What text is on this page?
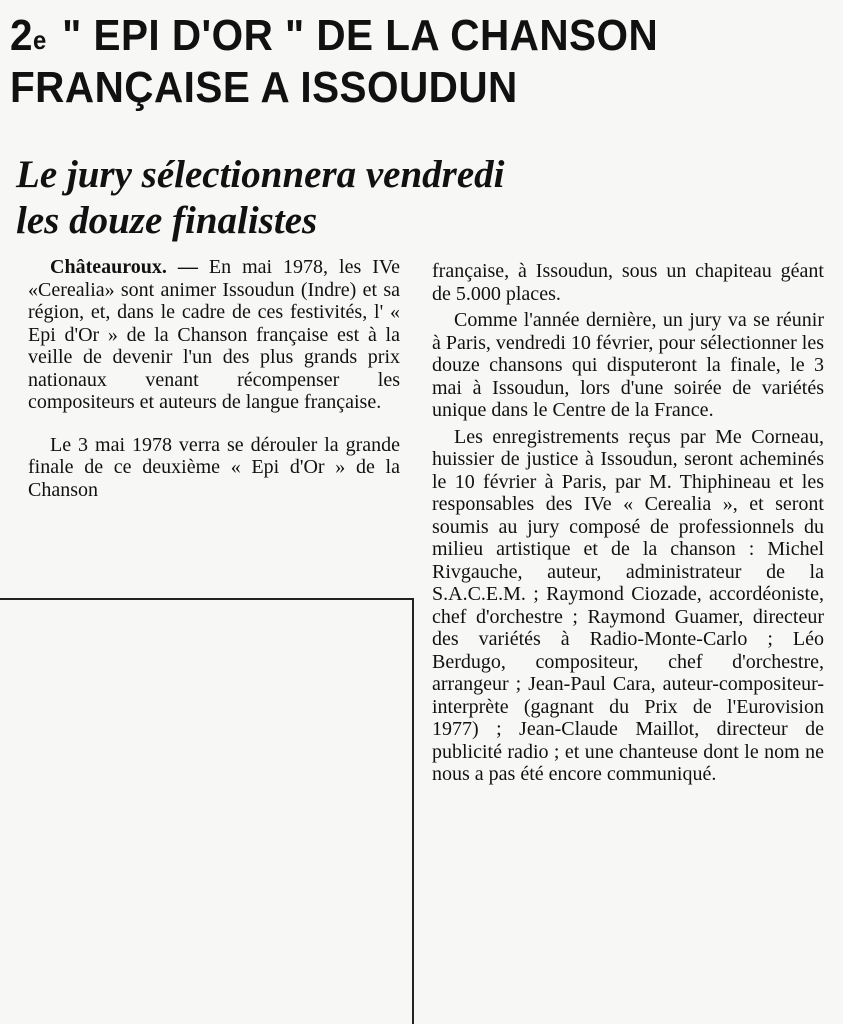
2e " EPI D'OR " DE LA CHANSON
FRANÇAISE A ISSOUDUN
Le jury sélectionnera vendredi
les douze finalistes

Châteauroux. — En mai 1978, les IVe «Cerealia» sont animer Issoudun (Indre) et sa région, et, dans le cadre de ces festivités, l' « Epi d'Or » de la Chanson française est à la veille de devenir l'un des plus grands prix nationaux venant récompenser les compositeurs et auteurs de langue française.

Le 3 mai 1978 verra se dérouler la grande finale de ce deuxième « Epi d'Or » de la Chanson

française, à Issoudun, sous un chapiteau géant de 5.000 places.

Comme l'année dernière, un jury va se réunir à Paris, vendredi 10 février, pour sélectionner les douze chansons qui disputeront la finale, le 3 mai à Issoudun, lors d'une soirée de variétés unique dans le Centre de la France.

Les enregistrements reçus par Me Corneau, huissier de justice à Issoudun, seront acheminés le 10 février à Paris, par M. Thiphineau et les responsables des IVe « Cerealia », et seront soumis au jury composé de professionnels du milieu artistique et de la chanson : Michel Rivgauche, auteur, administrateur de la S.A.C.E.M. ; Raymond Ciozade, accordéoniste, chef d'orchestre ; Raymond Guamer, directeur des variétés à Radio-Monte-Carlo ; Léo Berdugo, compositeur, chef d'orchestre, arrangeur ; Jean-Paul Cara, auteur-compositeur-interprète (gagnant du Prix de l'Eurovision 1977) ; Jean-Claude Maillot, directeur de publicité radio ; et une chanteuse dont le nom ne nous a pas été encore communiqué.
